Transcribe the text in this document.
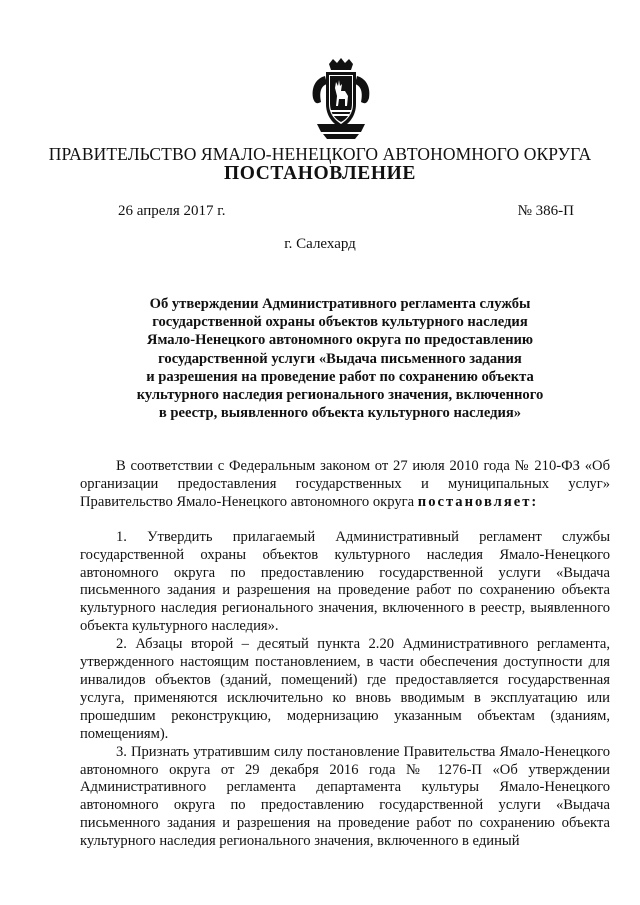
ПРАВИТЕЛЬСТВО ЯМАЛО-НЕНЕЦКОГО АВТОНОМНОГО ОКРУГА
ПОСТАНОВЛЕНИЕ
26 апреля 2017 г.	№ 386-П
г. Салехард
Об утверждении Административного регламента службы
государственной охраны объектов культурного наследия
Ямало-Ненецкого автономного округа по предоставлению
государственной услуги «Выдача письменного задания
и разрешения на проведение работ по сохранению объекта
культурного наследия регионального значения, включенного
в реестр, выявленного объекта культурного наследия»

В соответствии с Федеральным законом от 27 июля 2010 года № 210-ФЗ «Об организации предоставления государственных и муниципальных услуг» Правительство Ямало-Ненецкого автономного округа постановляет:

1. Утвердить прилагаемый Административный регламент службы государственной охраны объектов культурного наследия Ямало-Ненецкого автономного округа по предоставлению государственной услуги «Выдача письменного задания и разрешения на проведение работ по сохранению объекта культурного наследия регионального значения, включенного в реестр, выявленного объекта культурного наследия».

2. Абзацы второй – десятый пункта 2.20 Административного регламента, утвержденного настоящим постановлением, в части обеспечения доступности для инвалидов объектов (зданий, помещений) где предоставляется государственная услуга, применяются исключительно ко вновь вводимым в эксплуатацию или прошедшим реконструкцию, модернизацию указанным объектам (зданиям, помещениям).

3. Признать утратившим силу постановление Правительства Ямало-Ненецкого автономного округа от 29 декабря 2016 года № 1276-П «Об утверждении Административного регламента департамента культуры Ямало-Ненецкого автономного округа по предоставлению государственной услуги «Выдача письменного задания и разрешения на проведение работ по сохранению объекта культурного наследия регионального значения, включенного в единый
